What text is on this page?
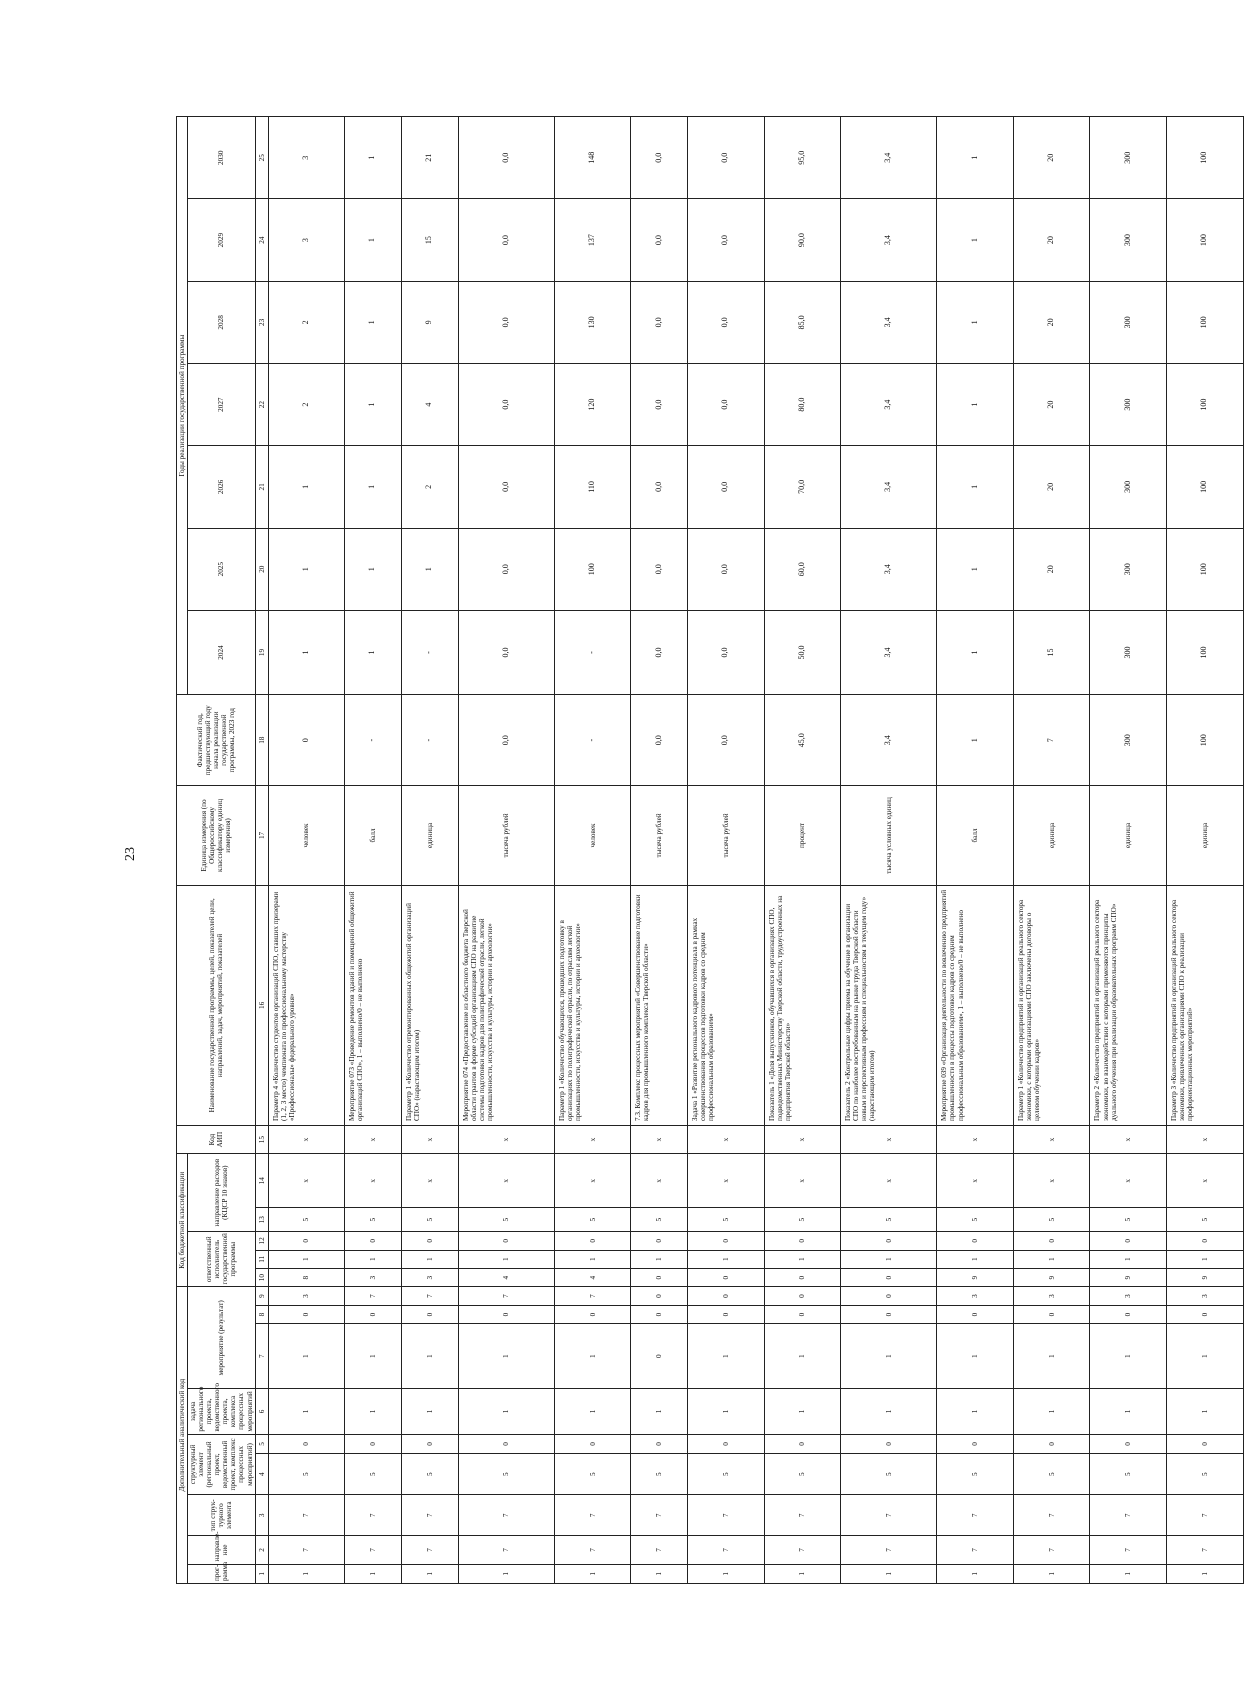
23
Дополнительный аналитический код									Код бюджетной классификации					Код АИП	Наименование государственной программы, целей, показателей цели, направлений, задач, мероприятий, показателей	Единица измерения (по Общероссийскому классификатору единиц измерения)	Фактический год, предшествующий году начала реализации государственной программы, 2023 год	Годы реализации государственной программы						
прог-рамма	направле-ние	тип струк-турного элемента	структурный элемент (региональный проект, ведомственный проект, комплекс процессных мероприятий)		задача регионального проекта, ведомственного проекта, комплекса процессных мероприятий	мероприятие (результат)			ответственный исполнитель государственной программы			направление расходов (КЦСР 10 знаков)						2024	2025	2026	2027	2028	2029	2030

1	2	3	4	5	6	7	8	9	10	11	12	13	14	15	16	17	18	19	20	21	22	23	24	25
1	7	7	5	0	1	1	0	3	8	1	0	5	x	x	Параметр 4 «Количество студентов организаций СПО, ставших призерами (1, 2, 3 место) чемпионата по профессиональному мастерству «Профессионалы» федерального уровня»	человек	0	1	1	1	2	2	3	3
1	7	7	5	0	1	1	0	7	3	1	0	5	x	x	Мероприятие 073 «Проведение ремонтов зданий и помещений общежитий организаций СПО», 1 – выполнено/0 – не выполнено	балл	-	1	1	1	1	1	1	1
1	7	7	5	0	1	1	0	7	3	1	0	5	x	x	Параметр 1 «Количество отремонтированных общежитий организаций СПО» (нарастающим итогом)	единица	-	-	1	2	4	9	15	21
1	7	7	5	0	1	1	0	7	4	1	0	5	x	x	Мероприятие 074 «Предоставление из областного бюджета Тверской области грантов в форме субсидий организациям СПО на развитие системы подготовки кадров для полиграфической отрасли, легкой промышленности, искусства и культуры, истории и археологии»	тысяча рублей	0,0	0,0	0,0	0,0	0,0	0,0	0,0	0,0
1	7	7	5	0	1	1	0	7	4	1	0	5	x	x	Параметр 1 «Количество обучающихся, прошедших подготовку в организациях по полиграфической отрасли, по отраслям легкой промышленности, искусства и культуры, истории и археологии»	человек	-	-	100	110	120	130	137	148
1	7	7	5	0	1	0	0	0	0	1	0	5	x	x	7.3. Комплекс процессных мероприятий «Совершенствование подготовки кадров для промышленного комплекса Тверской области»	тысяча рублей	0,0	0,0	0,0	0,0	0,0	0,0	0,0	0,0
1	7	7	5	0	1	1	0	0	0	1	0	5	x	x	Задача 1 «Развитие регионального кадрового потенциала в рамках совершенствования процессов подготовки кадров со средним профессиональным образованием»	тысяча рублей	0,0	0,0	0,0	0,0	0,0	0,0	0,0	0,0
1	7	7	5	0	1	1	0	0	0	1	0	5	x	x	Показатель 1 «Доля выпускников, обучавшихся в организациях СПО, подведомственных Министерству Тверской области, трудоустроенных на предприятия Тверской области»	процент	45,0	50,0	60,0	70,0	80,0	85,0	90,0	95,0
1	7	7	5	0	1	1	0	0	0	1	0	5	x	x	Показатель 2 «Контрольные цифры приема на обучение в организации СПО по наиболее востребованным на рынке труда Тверской области новым и перспективным профессиям и специальностям в текущем году» (нарастающим итогом)	тысяча условных единиц	3,4	3,4	3,4	3,4	3,4	3,4	3,4	3,4
1	7	7	5	0	1	1	0	3	9	1	0	5	x	x	Мероприятие 039 «Организация деятельности по вовлечению предприятий промышленности в процессы подготовки кадров со средним профессиональным образованием», 1 – выполнено/0 – не выполнено	балл	1	1	1	1	1	1	1	1
1	7	7	5	0	1	1	0	3	9	1	0	5	x	x	Параметр 1 «Количество предприятий и организаций реального сектора экономики, с которыми организациями СПО заключены договоры о целевом обучении кадров»	единица	7	15	20	20	20	20	20	20
1	7	7	5	0	1	1	0	3	9	1	0	5	x	x	Параметр 2 «Количество предприятий и организаций реального сектора экономики, во взаимодействии с которыми применяются принципы дуального обучения при реализации образовательных программ СПО»	единица	300	300	300	300	300	300	300	300
1	7	7	5	0	1	1	0	3	9	1	0	5	x	x	Параметр 3 «Количество предприятий и организаций реального сектора экономики, привлеченных организациями СПО к реализации профориентационных мероприятий»	единица	100	100	100	100	100	100	100	100
